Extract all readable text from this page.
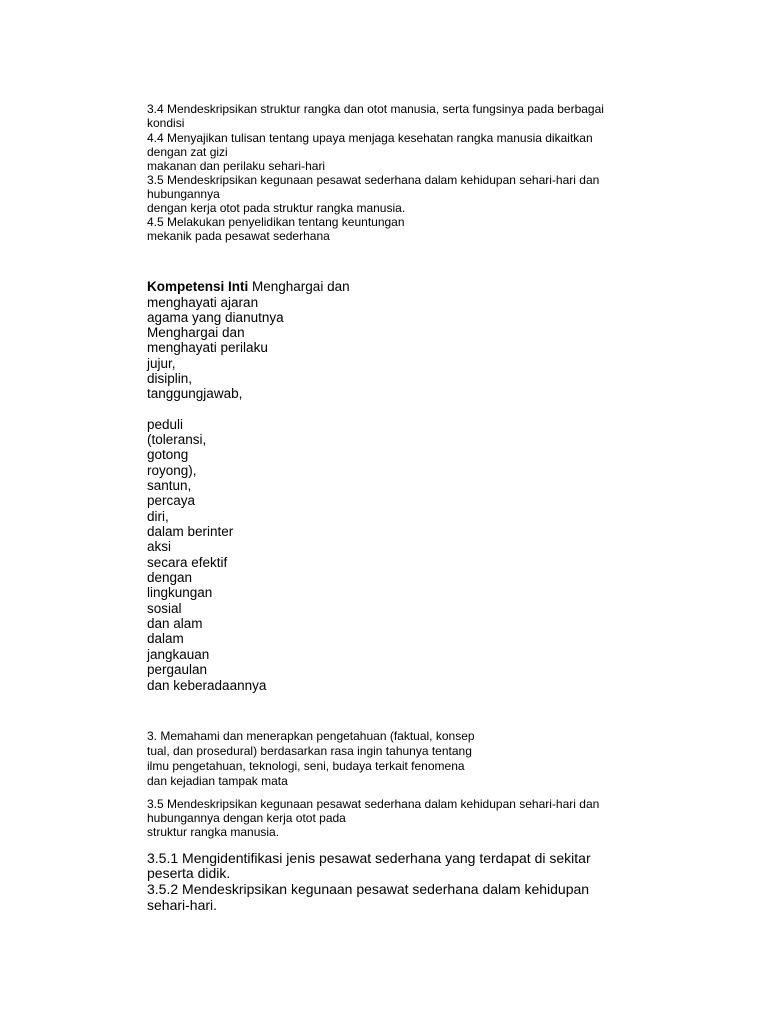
3.4 Mendeskripsikan struktur rangka dan otot manusia, serta fungsinya pada berbagai
kondisi
4.4 Menyajikan tulisan tentang upaya menjaga kesehatan rangka manusia dikaitkan
dengan zat gizi
makanan dan perilaku sehari-hari
3.5 Mendeskripsikan kegunaan pesawat sederhana dalam kehidupan sehari-hari dan
hubungannya
dengan kerja otot pada struktur rangka manusia.
4.5 Melakukan penyelidikan tentang keuntungan
mekanik pada pesawat sederhana
Kompetensi Inti Menghargai dan
menghayati ajaran
agama yang dianutnya
Menghargai dan
menghayati perilaku
jujur,
disiplin,
tanggungjawab,
peduli
(toleransi,
gotong
royong),
santun,
percaya
diri,
dalam berinter
aksi
secara efektif
dengan
lingkungan
sosial
dan alam
dalam
jangkauan
pergaulan
dan keberadaannya
3. Memahami dan menerapkan pengetahuan (faktual, konsep
tual, dan prosedural) berdasarkan rasa ingin tahunya tentang
ilmu pengetahuan, teknologi, seni, budaya terkait fenomena
dan kejadian tampak mata
3.5 Mendeskripsikan kegunaan pesawat sederhana dalam kehidupan sehari-hari dan
hubungannya dengan kerja otot pada
struktur rangka manusia.
3.5.1 Mengidentifikasi jenis pesawat sederhana yang terdapat di sekitar
peserta didik.
3.5.2 Mendeskripsikan kegunaan pesawat sederhana dalam kehidupan
sehari-hari.
